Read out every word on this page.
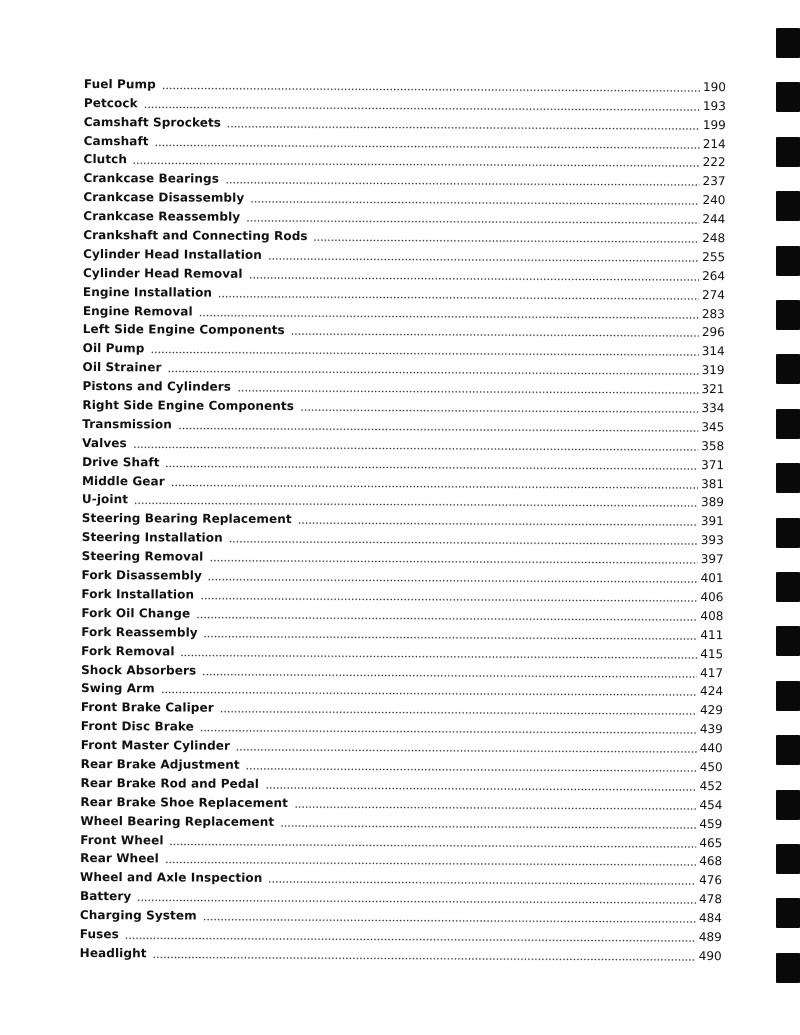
Fuel Pump	190
Petcock	193
Camshaft Sprockets	199
Camshaft	214
Clutch	222
Crankcase Bearings	237
Crankcase Disassembly	240
Crankcase Reassembly	244
Crankshaft and Connecting Rods	248
Cylinder Head Installation	255
Cylinder Head Removal	264
Engine Installation	274
Engine Removal	283
Left Side Engine Components	296
Oil Pump	314
Oil Strainer	319
Pistons and Cylinders	321
Right Side Engine Components	334
Transmission	345
Valves	358
Drive Shaft	371
Middle Gear	381
U-joint	389
Steering Bearing Replacement	391
Steering Installation	393
Steering Removal	397
Fork Disassembly	401
Fork Installation	406
Fork Oil Change	408
Fork Reassembly	411
Fork Removal	415
Shock Absorbers	417
Swing Arm	424
Front Brake Caliper	429
Front Disc Brake	439
Front Master Cylinder	440
Rear Brake Adjustment	450
Rear Brake Rod and Pedal	452
Rear Brake Shoe Replacement	454
Wheel Bearing Replacement	459
Front Wheel	465
Rear Wheel	468
Wheel and Axle Inspection	476
Battery	478
Charging System	484
Fuses	489
Headlight	490
